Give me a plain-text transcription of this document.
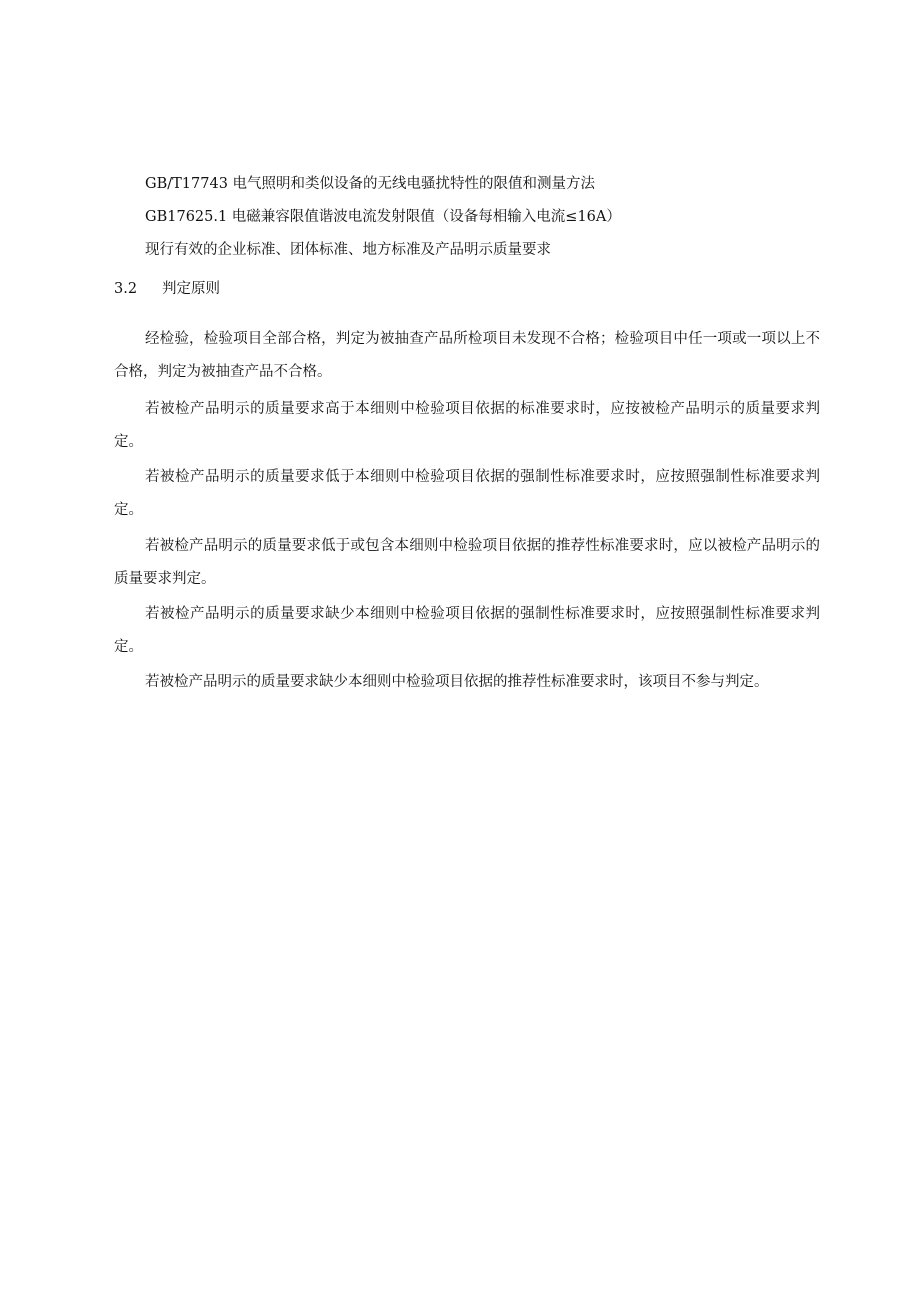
GB/T17743 电气照明和类似设备的无线电骚扰特性的限值和测量方法

GB17625.1 电磁兼容限值谐波电流发射限值（设备每相输入电流≤16A）

现行有效的企业标准、团体标准、地方标准及产品明示质量要求

3.2 判定原则

经检验，检验项目全部合格，判定为被抽查产品所检项目未发现不合格；检验项目中任一项或一项以上不合格，判定为被抽查产品不合格。

若被检产品明示的质量要求高于本细则中检验项目依据的标准要求时，应按被检产品明示的质量要求判定。

若被检产品明示的质量要求低于本细则中检验项目依据的强制性标准要求时，应按照强制性标准要求判定。

若被检产品明示的质量要求低于或包含本细则中检验项目依据的推荐性标准要求时，应以被检产品明示的质量要求判定。

若被检产品明示的质量要求缺少本细则中检验项目依据的强制性标准要求时，应按照强制性标准要求判定。

若被检产品明示的质量要求缺少本细则中检验项目依据的推荐性标准要求时，该项目不参与判定。
